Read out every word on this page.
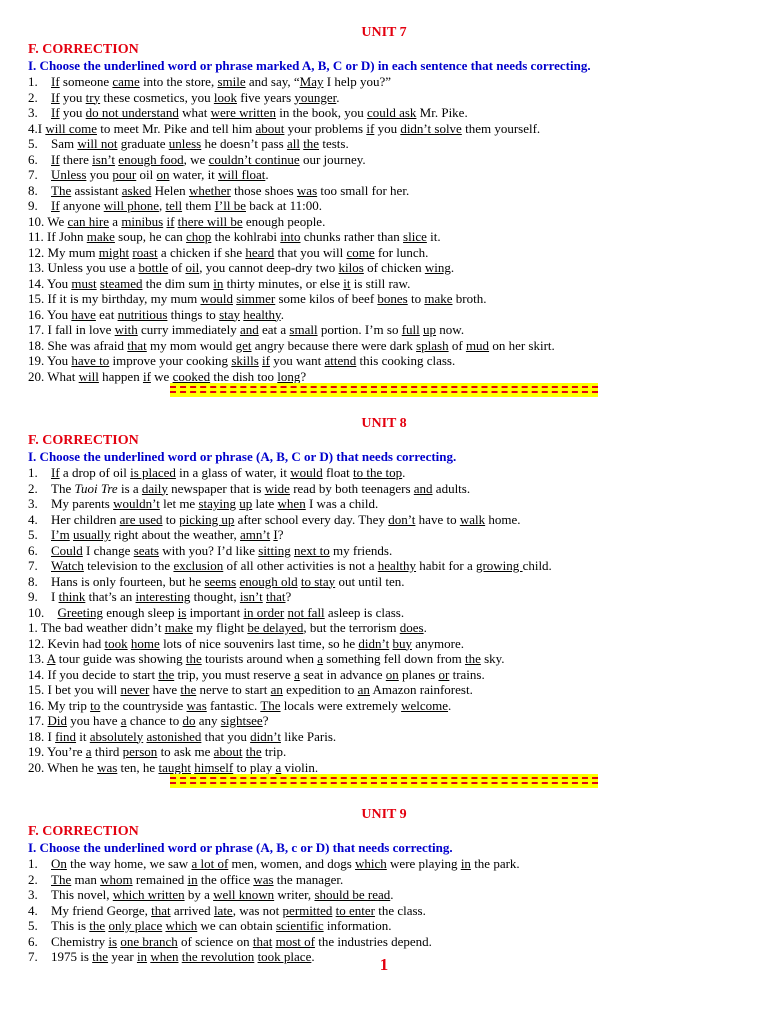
UNIT 7

F. CORRECTION

I. Choose the underlined word or phrase marked A, B, C or D) in each sentence that needs correcting.

1. If someone came into the store, smile and say, “May I help you?”
2. If you try these cosmetics, you look five years younger.
3. If you do not understand what were written in the book, you could ask Mr. Pike.
4.I will come to meet Mr. Pike and tell him about your problems if you didn’t solve them yourself.
5. Sam will not graduate unless he doesn’t pass all the tests.
6. If there isn’t enough food, we couldn’t continue our journey.
7. Unless you pour oil on water, it will float.
8. The assistant asked Helen whether those shoes was too small for her.
9. If anyone will phone, tell them I’ll be back at 11:00.
10. We can hire a minibus if there will be enough people.
11. If John make soup, he can chop the kohlrabi into chunks rather than slice it.
12. My mum might roast a chicken if she heard that you will come for lunch.
13. Unless you use a bottle of oil, you cannot deep-dry two kilos of chicken wing.
14. You must steamed the dim sum in thirty minutes, or else it is still raw.
15. If it is my birthday, my mum would simmer some kilos of beef bones to make broth.
16. You have eat nutritious things to stay healthy.
17. I fall in love with curry immediately and eat a small portion. I’m so full up now.
18. She was afraid that my mom would get angry because there were dark splash of mud on her skirt.
19. You have to improve your cooking skills if you want attend this cooking class.
20. What will happen if we cooked the dish too long?

UNIT 8

F. CORRECTION

I. Choose the underlined word or phrase (A, B, C or D) that needs correcting.

1. If a drop of oil is placed in a glass of water, it would float to the top.
2. The Tuoi Tre is a daily newspaper that is wide read by both teenagers and adults.
3. My parents wouldn’t let me staying up late when I was a child.
4. Her children are used to picking up after school every day. They don’t have to walk home.
5. I’m usually right about the weather, amn’t I?
6. Could I change seats with you? I’d like sitting next to my friends.
7. Watch television to the exclusion of all other activities is not a healthy habit for a growing child.
8. Hans is only fourteen, but he seems enough old to stay out until ten.
9. I think that’s an interesting thought, isn’t that?
10. Greeting enough sleep is important in order not fall asleep is class.
1. The bad weather didn’t make my flight be delayed, but the terrorism does.
12. Kevin had took home lots of nice souvenirs last time, so he didn’t buy anymore.
13. A tour guide was showing the tourists around when a something fell down from the sky.
14. If you decide to start the trip, you must reserve a seat in advance on planes or trains.
15. I bet you will never have the nerve to start an expedition to an Amazon rainforest.
16. My trip to the countryside was fantastic. The locals were extremely welcome.
17. Did you have a chance to do any sightsee?
18. I find it absolutely astonished that you didn’t like Paris.
19. You’re a third person to ask me about the trip.
20. When he was ten, he taught himself to play a violin.

UNIT 9

F. CORRECTION

I. Choose the underlined word or phrase (A, B, c or D) that needs correcting.

1. On the way home, we saw a lot of men, women, and dogs which were playing in the park.
2. The man whom remained in the office was the manager.
3. This novel, which written by a well known writer, should be read.
4. My friend George, that arrived late, was not permitted to enter the class.
5. This is the only place which we can obtain scientific information.
6. Chemistry is one branch of science on that most of the industries depend.
7. 1975 is the year in when the revolution took place.	1
